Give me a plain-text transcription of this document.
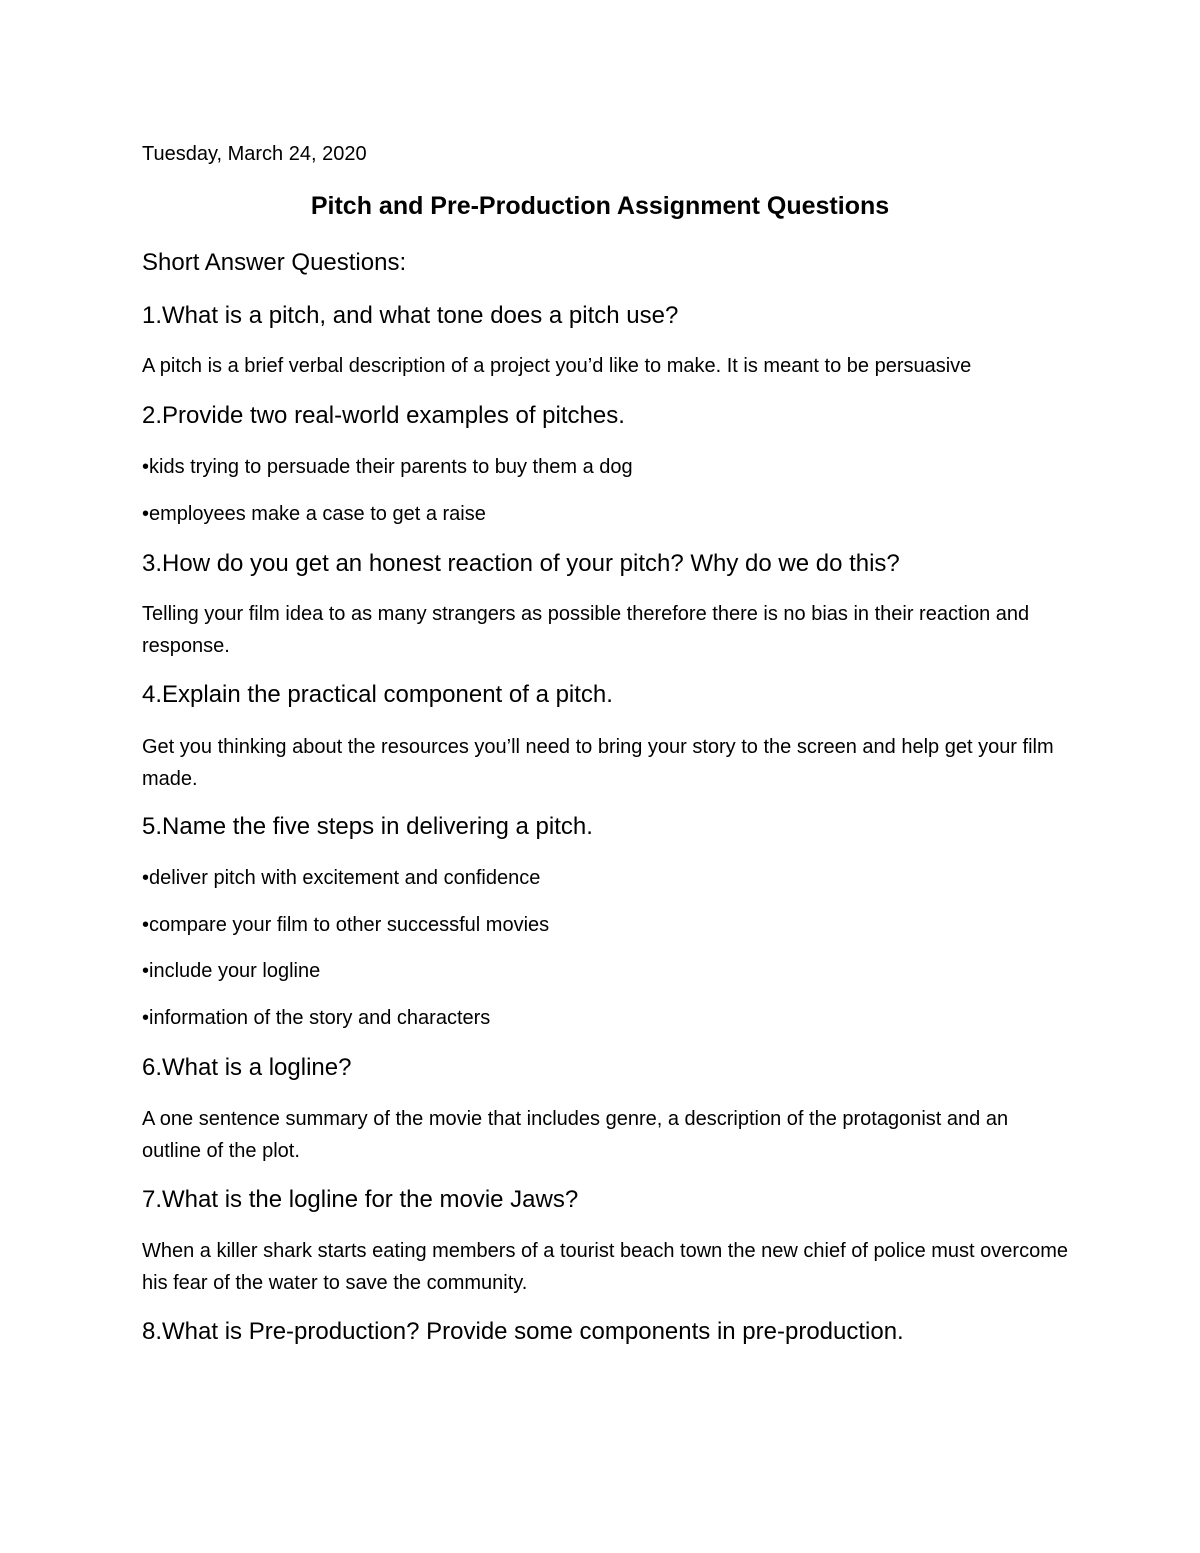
Tuesday, March 24, 2020

Pitch and Pre-Production Assignment Questions

Short Answer Questions:

1.What is a pitch, and what tone does a pitch use?

A pitch is a brief verbal description of a project you’d like to make. It is meant to be persuasive

2.Provide two real-world examples of pitches.

•kids trying to persuade their parents to buy them a dog

•employees make a case to get a raise

3.How do you get an honest reaction of your pitch? Why do we do this?

Telling your film idea to as many strangers as possible therefore there is no bias in their reaction and response.

4.Explain the practical component of a pitch.

Get you thinking about the resources you’ll need to bring your story to the screen and help get your film made.

5.Name the five steps in delivering a pitch.

•deliver pitch with excitement and confidence

•compare your film to other successful movies

•include your logline

•information of the story and characters

6.What is a logline?

A one sentence summary of the movie that includes genre, a description of the protagonist and an outline of the plot.

7.What is the logline for the movie Jaws?

When a killer shark starts eating members of a tourist beach town the new chief of police must overcome his fear of the water to save the community.

8.What is Pre-production? Provide some components in pre-production.
